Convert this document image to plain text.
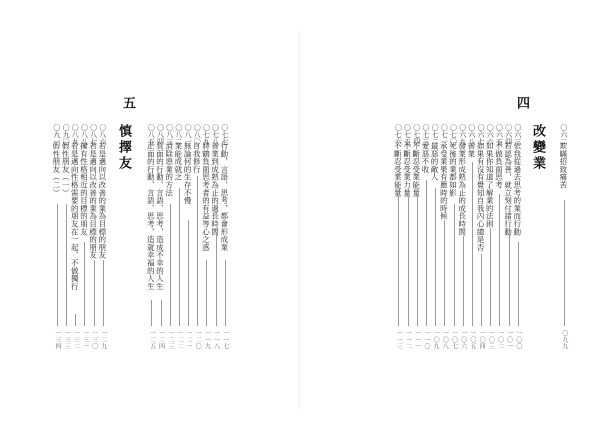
四
〇六二
欺瞞招致痛苦
〇九九
改變業
〇六三
依我從過去思考的業而行動
一〇〇
〇六四
若認為善，就立刻付諸行動
一〇一
〇六五
不做負面思考
一〇二
〇六六
如果你知道了解業的法則
一〇三
〇六七
如果有沒有覺知自我內心總是否
一〇四
〇六八
善業
一〇五
〇六九
發業形成熟為止的成長時間
一〇六
〇七〇
死後的業都如影
一〇七
〇七一
承受業果有應時的時候
一〇八
〇七二
最惡的敵人
一〇九
〇七三
愛惡不收
一一〇
〇七四
不斷忍受業能量
一一一
〇七五
不斷忍受業力量
一一二
〇七六
不斷忍受業能量
一一三
五
〇七七
行動，言語，思考，都會形成業
一一七
〇七八
善業到成熟為止的過長時間
一一八
〇七九
將鶴負面思考者的有益等心之惑
一一九
〇八〇
自我修行
一二〇
〇八一
無論何的生存不慢
一二一
〇八二
業能成就之
一二二
〇八三
消除惡業的方法
一二三
〇八四
負面的行動、言語、思考，造成不幸的人生
一二四
〇八五
正面的行動、言語、思考，造就幸福的人生
一二五
慎擇友
〇八六
若是邁向以改善的業為目標的朋友
一二九
〇八七
若是邁向以改善的業為目標的朋友
一三〇
〇八八
擁有性格相近的目標的朋友
一三一
〇八九
若是邁向性格需要的朋友在一起，不做獨行
一三二
〇九〇
假性朋友（一）
一三三
〇九一
假性朋友（二）
一三四
